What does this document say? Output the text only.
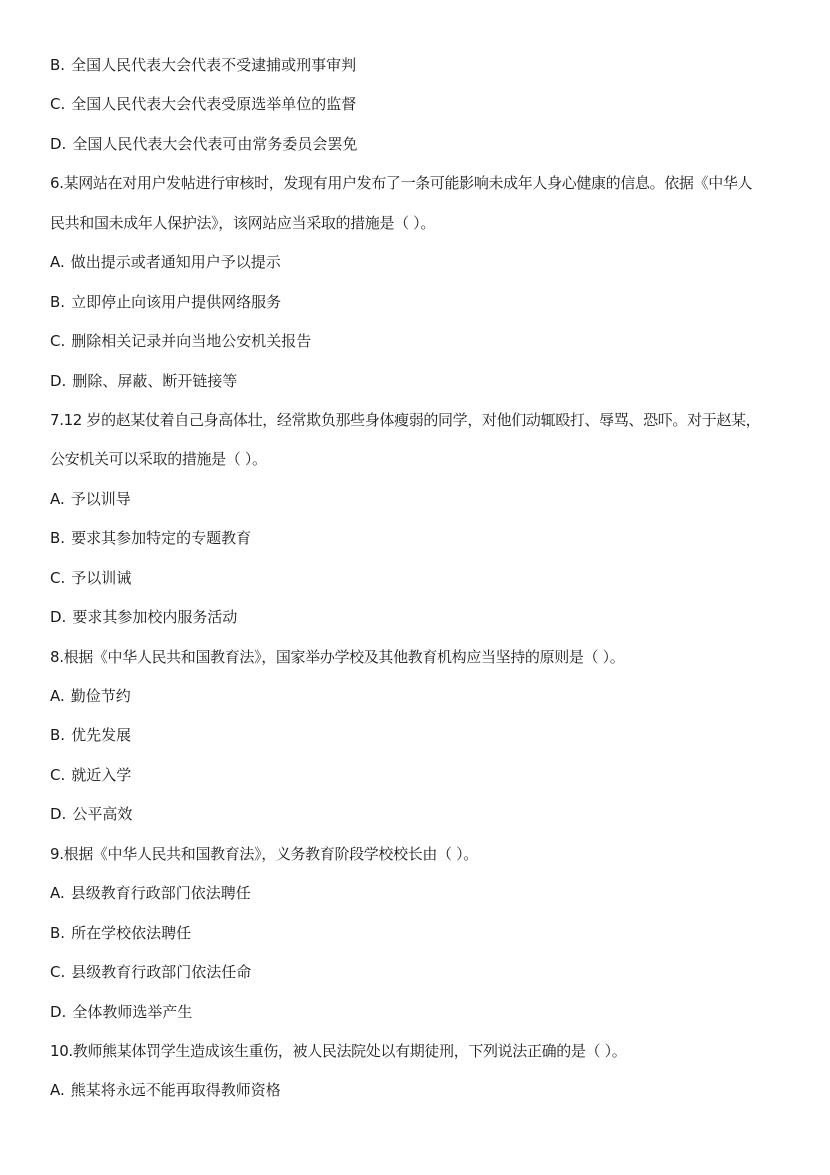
B. 全国人民代表大会代表不受逮捕或刑事审判
C. 全国人民代表大会代表受原选举单位的监督
D. 全国人民代表大会代表可由常务委员会罢免
6.某网站在对用户发帖进行审核时，发现有用户发布了一条可能影响未成年人身心健康的信息。依据《中华人
民共和国未成年人保护法》，该网站应当采取的措施是（ ）。
A. 做出提示或者通知用户予以提示
B. 立即停止向该用户提供网络服务
C. 删除相关记录并向当地公安机关报告
D. 删除、屏蔽、断开链接等
7.12 岁的赵某仗着自己身高体壮，经常欺负那些身体瘦弱的同学，对他们动辄殴打、辱骂、恐吓。对于赵某，
公安机关可以采取的措施是（ ）。
A. 予以训导
B. 要求其参加特定的专题教育
C. 予以训诫
D. 要求其参加校内服务活动
8.根据《中华人民共和国教育法》，国家举办学校及其他教育机构应当坚持的原则是（ ）。
A. 勤俭节约
B. 优先发展
C. 就近入学
D. 公平高效
9.根据《中华人民共和国教育法》，义务教育阶段学校校长由（ ）。
A. 县级教育行政部门依法聘任
B. 所在学校依法聘任
C. 县级教育行政部门依法任命
D. 全体教师选举产生
10.教师熊某体罚学生造成该生重伤，被人民法院处以有期徒刑，下列说法正确的是（ ）。
A. 熊某将永远不能再取得教师资格
